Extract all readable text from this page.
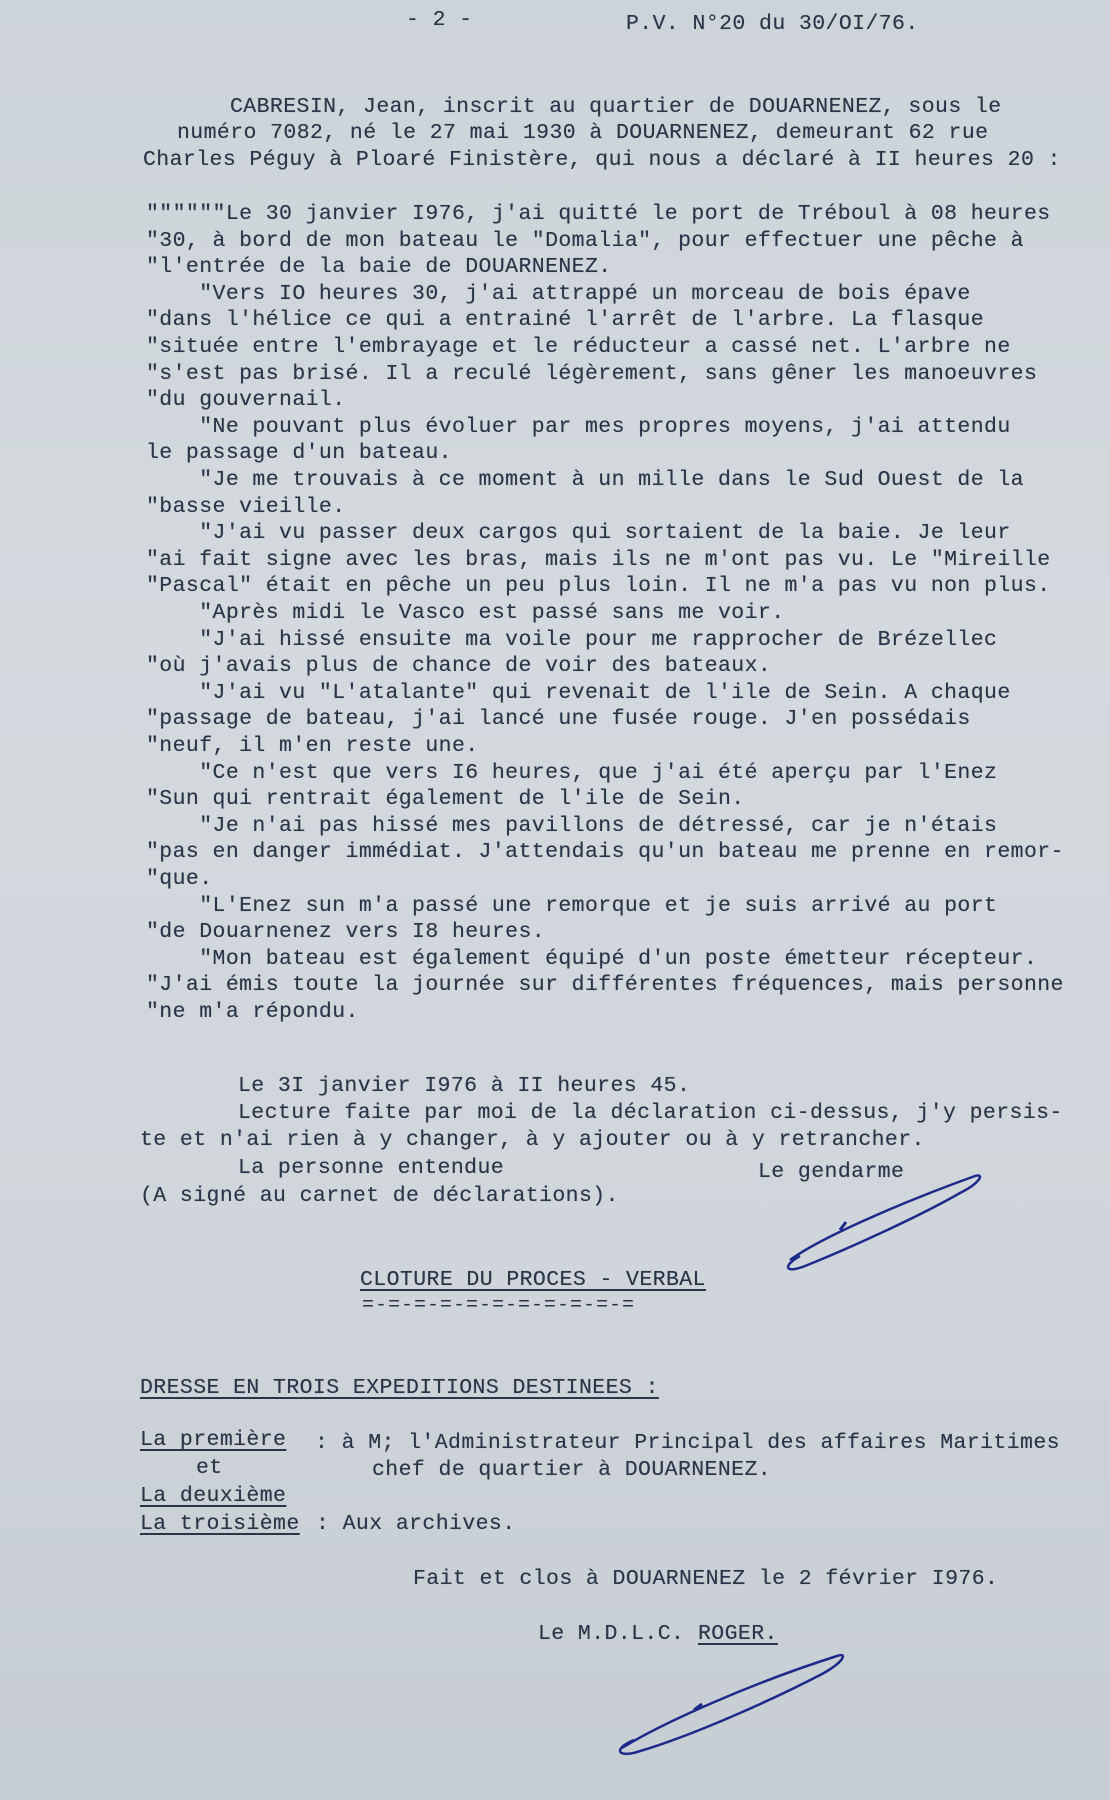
- 2 -	P.V. N°20 du 30/OI/76.
CABRESIN, Jean, inscrit au quartier de DOUARNENEZ, sous le
numéro 7082, né le 27 mai 1930 à DOUARNENEZ, demeurant 62 rue
Charles Péguy à Ploaré Finistère, qui nous a déclaré à II heures 20 :
""""""Le 30 janvier I976, j'ai quitté le port de Tréboul à 08 heures
"30, à bord de mon bateau le "Domalia", pour effectuer une pêche à
"l'entrée de la baie de DOUARNENEZ.
"Vers IO heures 30, j'ai attrappé un morceau de bois épave
"dans l'hélice ce qui a entrainé l'arrêt de l'arbre. La flasque
"située entre l'embrayage et le réducteur a cassé net. L'arbre ne
"s'est pas brisé. Il a reculé légèrement, sans gêner les manoeuvres
"du gouvernail.
"Ne pouvant plus évoluer par mes propres moyens, j'ai attendu
le passage d'un bateau.
"Je me trouvais à ce moment à un mille dans le Sud Ouest de la
"basse vieille.
"J'ai vu passer deux cargos qui sortaient de la baie. Je leur
"ai fait signe avec les bras, mais ils ne m'ont pas vu. Le "Mireille
"Pascal" était en pêche un peu plus loin. Il ne m'a pas vu non plus.
"Après midi le Vasco est passé sans me voir.
"J'ai hissé ensuite ma voile pour me rapprocher de Brézellec
"où j'avais plus de chance de voir des bateaux.
"J'ai vu "L'atalante" qui revenait de l'ile de Sein. A chaque
"passage de bateau, j'ai lancé une fusée rouge. J'en possédais
"neuf, il m'en reste une.
"Ce n'est que vers I6 heures, que j'ai été aperçu par l'Enez
"Sun qui rentrait également de l'ile de Sein.
"Je n'ai pas hissé mes pavillons de détressé, car je n'étais
"pas en danger immédiat. J'attendais qu'un bateau me prenne en remor-
"que.
"L'Enez sun m'a passé une remorque et je suis arrivé au port
"de Douarnenez vers I8 heures.
"Mon bateau est également équipé d'un poste émetteur récepteur.
"J'ai émis toute la journée sur différentes fréquences, mais personne
"ne m'a répondu.
Le 3I janvier I976 à II heures 45.
Lecture faite par moi de la déclaration ci-dessus, j'y persis-
te et n'ai rien à y changer, à y ajouter ou à y retrancher.
La personne entendue	Le gendarme
(A signé au carnet de déclarations).
CLOTURE DU PROCES - VERBAL
=-=-=-=-=-=-=-=-=-=-=
DRESSE EN TROIS EXPEDITIONS DESTINEES :
La première : à M; l'Administrateur Principal des affaires Maritimes
et	chef de quartier à DOUARNENEZ.
La deuxième
La troisième : Aux archives.
Fait et clos à DOUARNENEZ le 2 février I976.
Le M.D.L.C. ROGER.
